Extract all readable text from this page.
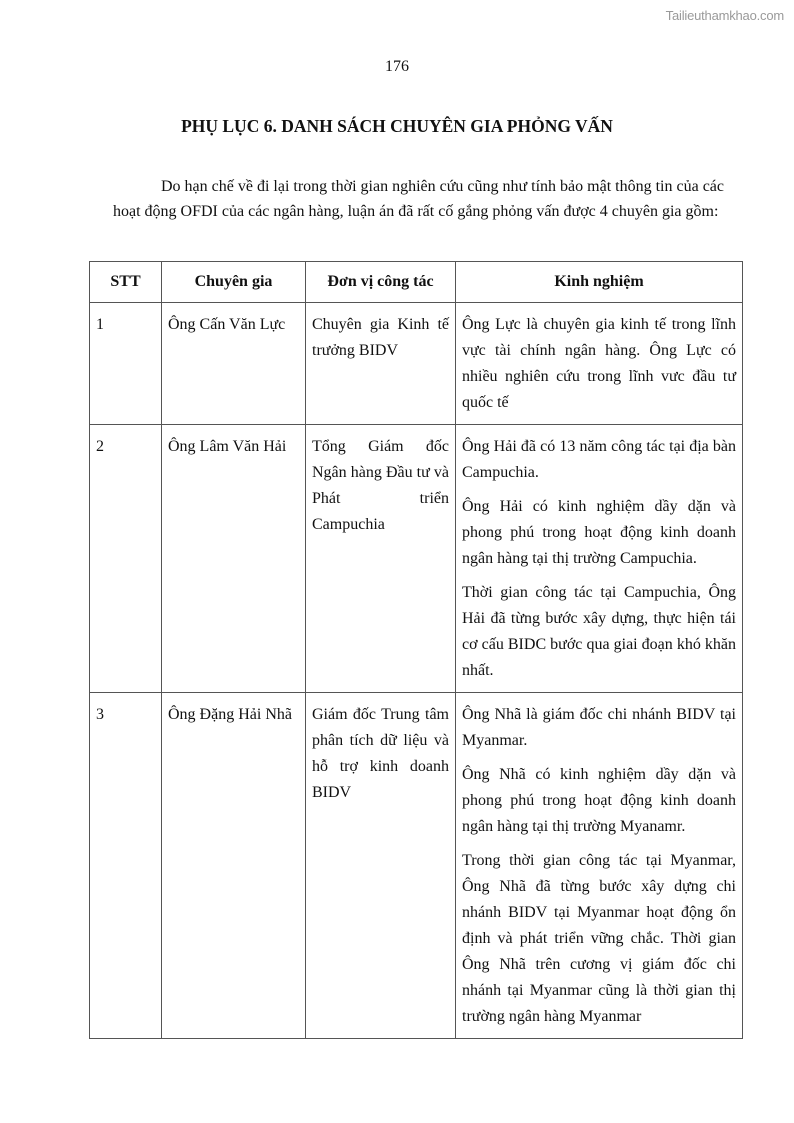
Tailieuthamkhao.com
176
PHỤ LỤC 6. DANH SÁCH CHUYÊN GIA PHỎNG VẤN
Do hạn chế về đi lại trong thời gian nghiên cứu cũng như tính bảo mật thông tin của các hoạt động OFDI của các ngân hàng, luận án đã rất cố gắng phỏng vấn được 4 chuyên gia gồm:
STT	Chuyên gia	Đơn vị công tác	Kinh nghiệm
1	Ông Cấn Văn Lực	Chuyên gia Kinh tế trưởng BIDV	Ông Lực là chuyên gia kinh tế trong lĩnh vực tài chính ngân hàng. Ông Lực có nhiều nghiên cứu trong lĩnh vưc đầu tư quốc tế

2	Ông Lâm Văn Hải	Tổng Giám đốc Ngân hàng Đầu tư và Phát triển Campuchia	Ông Hải đã có 13 năm công tác tại địa bàn Campuchia.

Ông Hải có kinh nghiệm dầy dặn và phong phú trong hoạt động kinh doanh ngân hàng tại thị trường Campuchia.

Thời gian công tác tại Campuchia, Ông Hải đã từng bước xây dựng, thực hiện tái cơ cấu BIDC bước qua giai đoạn khó khăn nhất.

3	Ông Đặng Hải Nhã	Giám đốc Trung tâm phân tích dữ liệu và hỗ trợ kinh doanh BIDV	Ông Nhã là giám đốc chi nhánh BIDV tại Myanmar.

Ông Nhã có kinh nghiệm dầy dặn và phong phú trong hoạt động kinh doanh ngân hàng tại thị trường Myanamr.

Trong thời gian công tác tại Myanmar, Ông Nhã đã từng bước xây dựng chi nhánh BIDV tại Myanmar hoạt động ổn định và phát triển vững chắc. Thời gian Ông Nhã trên cương vị giám đốc chi nhánh tại Myanmar cũng là thời gian thị trường ngân hàng Myanmar
